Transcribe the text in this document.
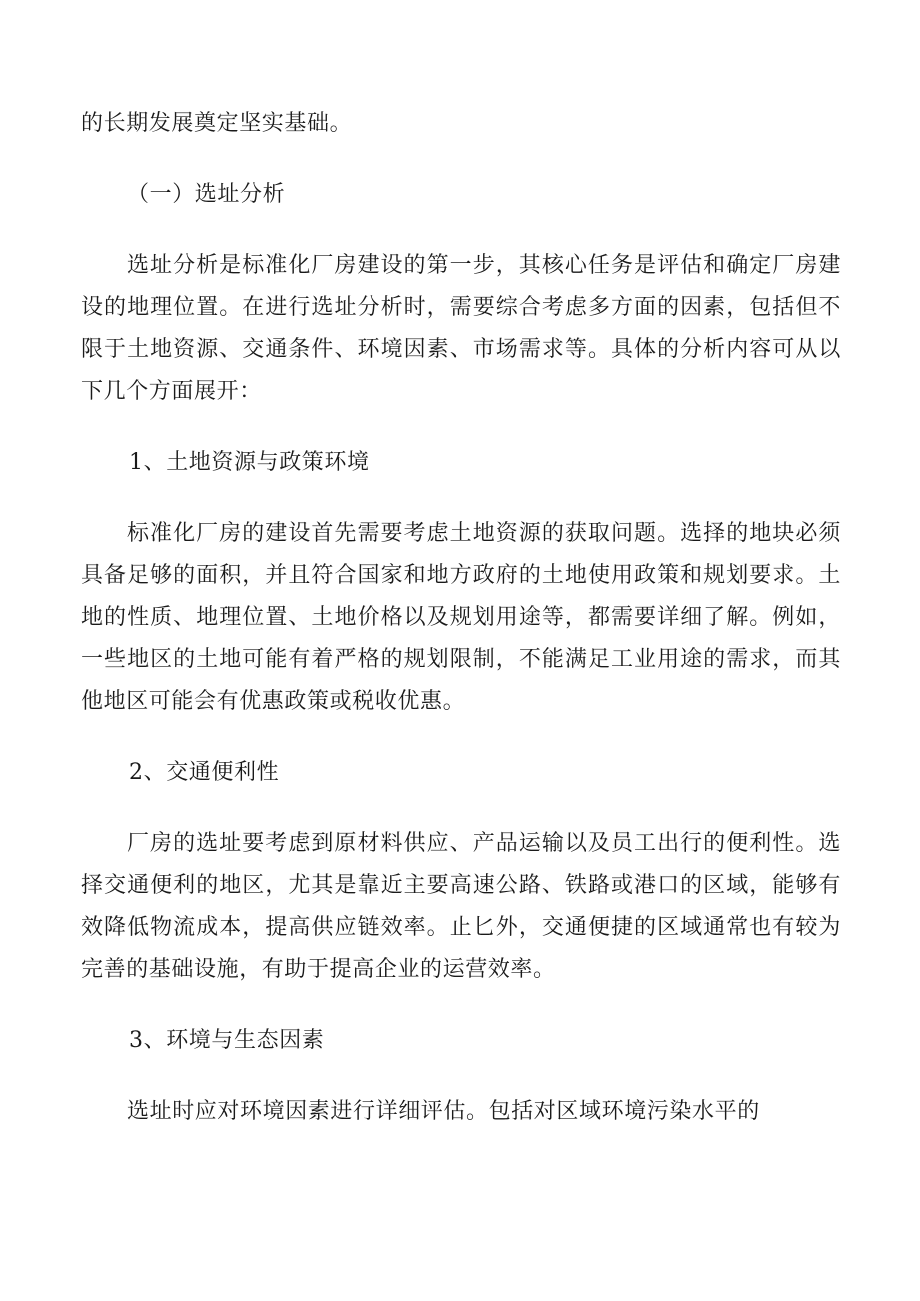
的长期发展奠定坚实基础。

（一）选址分析

选址分析是标准化厂房建设的第一步，其核心任务是评估和确定厂房建设的地理位置。在进行选址分析时，需要综合考虑多方面的因素，包括但不限于土地资源、交通条件、环境因素、市场需求等。具体的分析内容可从以下几个方面展开：

1、土地资源与政策环境

标准化厂房的建设首先需要考虑土地资源的获取问题。选择的地块必须具备足够的面积，并且符合国家和地方政府的土地使用政策和规划要求。土地的性质、地理位置、土地价格以及规划用途等，都需要详细了解。例如，一些地区的土地可能有着严格的规划限制，不能满足工业用途的需求，而其他地区可能会有优惠政策或税收优惠。

2、交通便利性

厂房的选址要考虑到原材料供应、产品运输以及员工出行的便利性。选择交通便利的地区，尤其是靠近主要高速公路、铁路或港口的区域，能够有效降低物流成本，提高供应链效率。止匕外，交通便捷的区域通常也有较为完善的基础设施，有助于提高企业的运营效率。

3、环境与生态因素

选址时应对环境因素进行详细评估。包括对区域环境污染水平的
